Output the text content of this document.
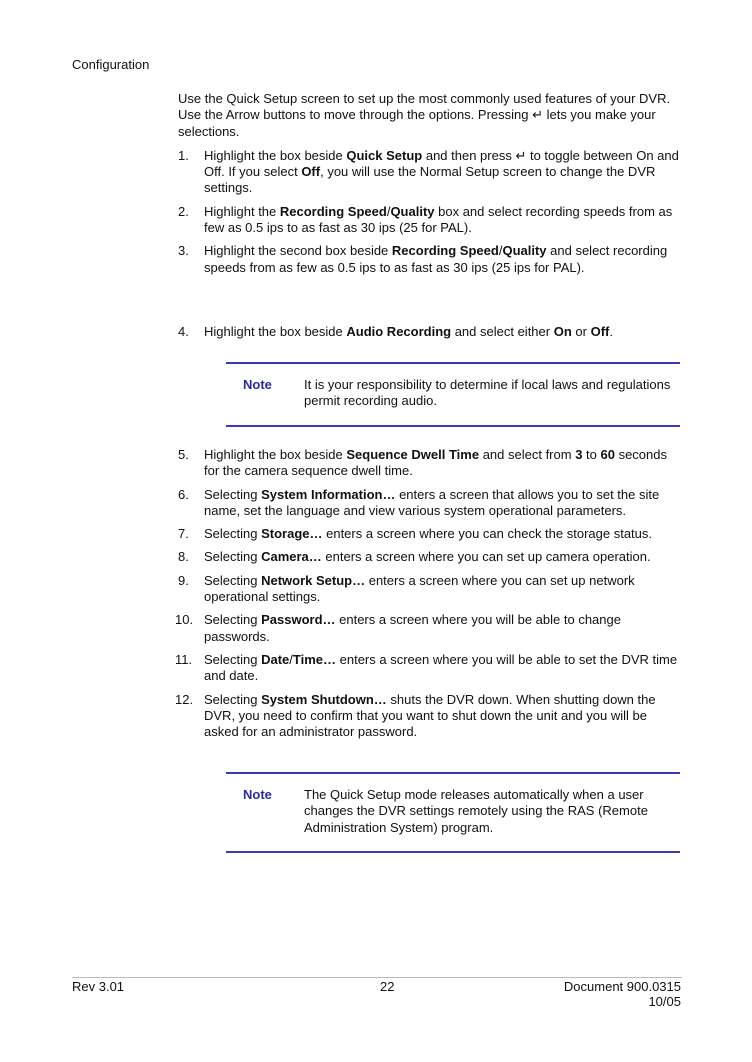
Configuration

Use the Quick Setup screen to set up the most commonly used features of your DVR. Use the Arrow buttons to move through the options. Pressing ↵ lets you make your selections.

1.	Highlight the box beside Quick Setup and then press ↵ to toggle between On and Off. If you select Off, you will use the Normal Setup screen to change the DVR settings.
2.	Highlight the Recording Speed/Quality box and select recording speeds from as few as 0.5 ips to as fast as 30 ips (25 for PAL).
3.	Highlight the second box beside Recording Speed/Quality and select recording speeds from as few as 0.5 ips to as fast as 30 ips (25 ips for PAL).
4.	Highlight the box beside Audio Recording and select either On or Off.
Note It is your responsibility to determine if local laws and regulations permit recording audio.
5.	Highlight the box beside Sequence Dwell Time and select from 3 to 60 seconds for the camera sequence dwell time.
6.	Selecting System Information… enters a screen that allows you to set the site name, set the language and view various system operational parameters.
7.	Selecting Storage… enters a screen where you can check the storage status.
8.	Selecting Camera… enters a screen where you can set up camera operation.
9.	Selecting Network Setup… enters a screen where you can set up network operational settings.
10. Selecting Password… enters a screen where you will be able to change passwords.
11. Selecting Date/Time… enters a screen where you will be able to set the DVR time and date.
12. Selecting System Shutdown… shuts the DVR down. When shutting down the DVR, you need to confirm that you want to shut down the unit and you will be asked for an administrator password.
Note The Quick Setup mode releases automatically when a user changes the DVR settings remotely using the RAS (Remote Administration System) program.
Rev 3.01	22	Document 900.0315
10/05
